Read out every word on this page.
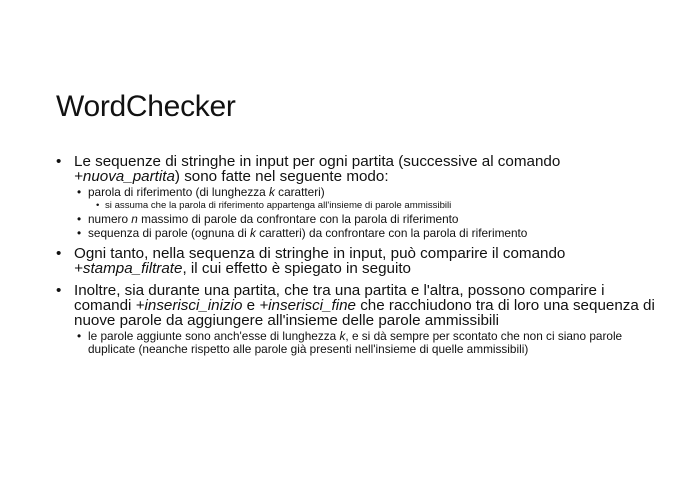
WordChecker
• Le sequenze di stringhe in input per ogni partita (successive al comando
+nuova_partita) sono fatte nel seguente modo:
• parola di riferimento (di lunghezza k caratteri)
• si assuma che la parola di riferimento appartenga all'insieme di parole ammissibili
• numero n massimo di parole da confrontare con la parola di riferimento
• sequenza di parole (ognuna di k caratteri) da confrontare con la parola di riferimento
• Ogni tanto, nella sequenza di stringhe in input, può comparire il comando
+stampa_filtrate, il cui effetto è spiegato in seguito
• Inoltre, sia durante una partita, che tra una partita e l'altra, possono comparire i comandi +inserisci_inizio e +inserisci_fine che racchiudono tra di loro una sequenza di nuove parole da aggiungere all'insieme delle parole ammissibili
• le parole aggiunte sono anch'esse di lunghezza k, e si dà sempre per scontato che non ci siano parole duplicate (neanche rispetto alle parole già presenti nell'insieme di quelle ammissibili)
